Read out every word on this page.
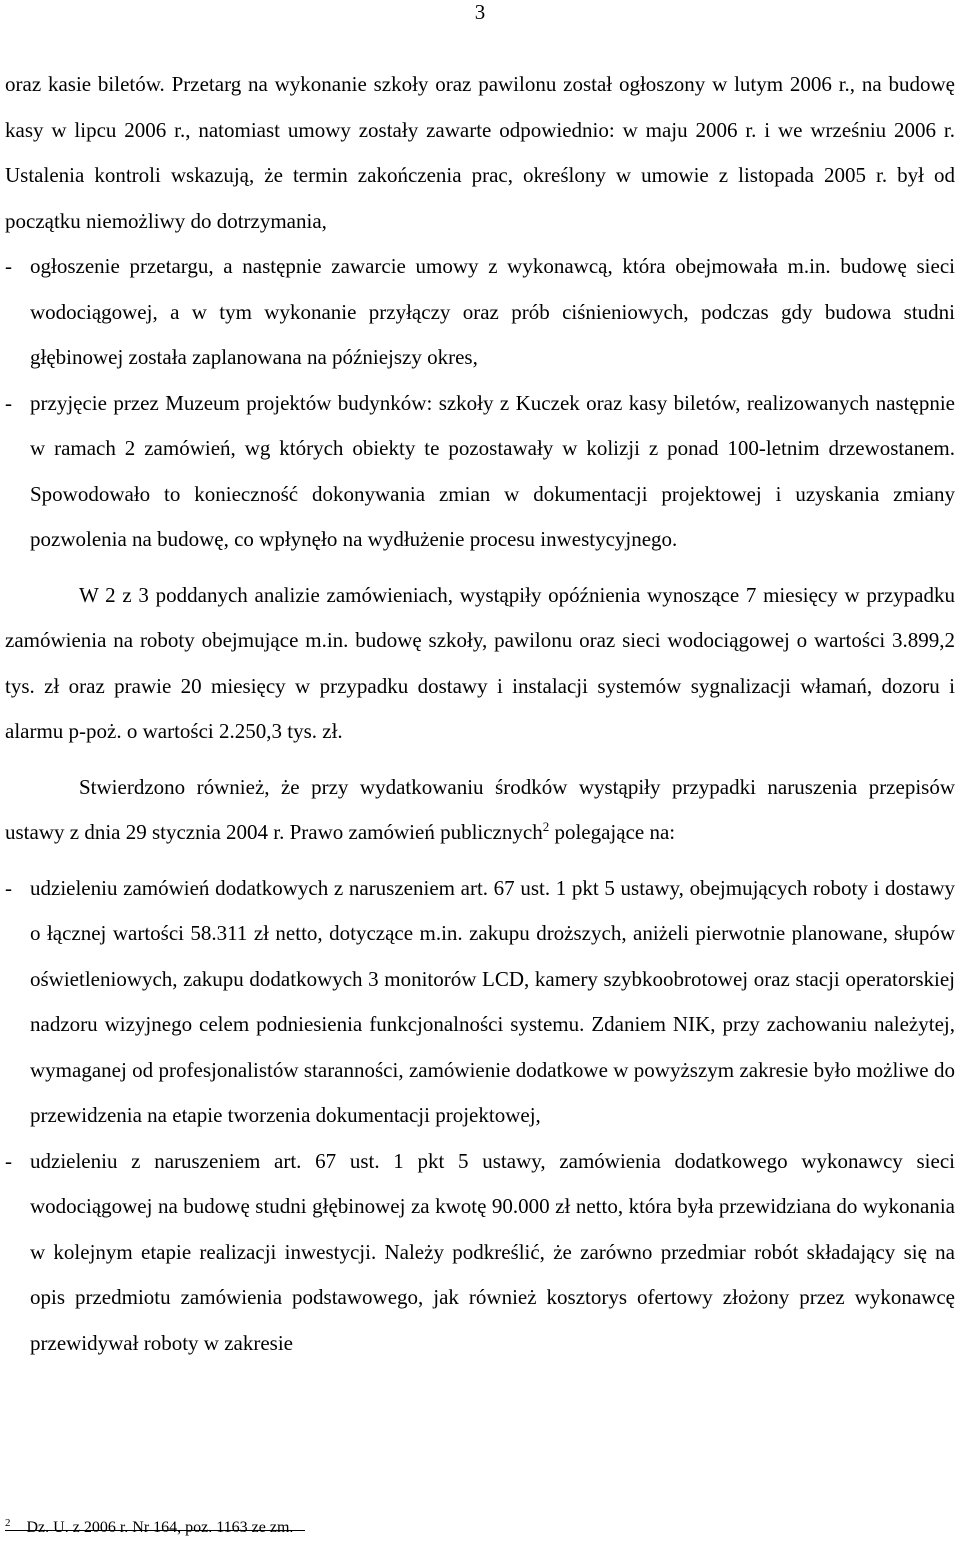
3

oraz kasie biletów. Przetarg na wykonanie szkoły oraz pawilonu został ogłoszony w lutym 2006 r., na budowę kasy w lipcu 2006 r., natomiast umowy zostały zawarte odpowiednio: w maju 2006 r. i we wrześniu 2006 r. Ustalenia kontroli wskazują, że termin zakończenia prac, określony w umowie z listopada 2005 r. był od początku niemożliwy do dotrzymania,

- ogłoszenie przetargu, a następnie zawarcie umowy z wykonawcą, która obejmowała m.in. budowę sieci wodociągowej, a w tym wykonanie przyłączy oraz prób ciśnieniowych, podczas gdy budowa studni głębinowej została zaplanowana na późniejszy okres,
- przyjęcie przez Muzeum projektów budynków: szkoły z Kuczek oraz kasy biletów, realizowanych następnie w ramach 2 zamówień, wg których obiekty te pozostawały w kolizji z ponad 100-letnim drzewostanem. Spowodowało to konieczność dokonywania zmian w dokumentacji projektowej i uzyskania zmiany pozwolenia na budowę, co wpłynęło na wydłużenie procesu inwestycyjnego.

W 2 z 3 poddanych analizie zamówieniach, wystąpiły opóźnienia wynoszące 7 miesięcy w przypadku zamówienia na roboty obejmujące m.in. budowę szkoły, pawilonu oraz sieci wodociągowej o wartości 3.899,2 tys. zł oraz prawie 20 miesięcy w przypadku dostawy i instalacji systemów sygnalizacji włamań, dozoru i alarmu p-poż. o wartości 2.250,3 tys. zł.

Stwierdzono również, że przy wydatkowaniu środków wystąpiły przypadki naruszenia przepisów ustawy z dnia 29 stycznia 2004 r. Prawo zamówień publicznych$^2$ polegające na:

- udzieleniu zamówień dodatkowych z naruszeniem art. 67 ust. 1 pkt 5 ustawy, obejmujących roboty i dostawy o łącznej wartości 58.311 zł netto, dotyczące m.in. zakupu droższych, aniżeli pierwotnie planowane, słupów oświetleniowych, zakupu dodatkowych 3 monitorów LCD, kamery szybkoobrotowej oraz stacji operatorskiej nadzoru wizyjnego celem podniesienia funkcjonalności systemu. Zdaniem NIK, przy zachowaniu należytej, wymaganej od profesjonalistów staranności, zamówienie dodatkowe w powyższym zakresie było możliwe do przewidzenia na etapie tworzenia dokumentacji projektowej,
- udzieleniu z naruszeniem art. 67 ust. 1 pkt 5 ustawy, zamówienia dodatkowego wykonawcy sieci wodociągowej na budowę studni głębinowej za kwotę 90.000 zł netto, która była przewidziana do wykonania w kolejnym etapie realizacji inwestycji. Należy podkreślić, że zarówno przedmiar robót składający się na opis przedmiotu zamówienia podstawowego, jak również kosztorys ofertowy złożony przez wykonawcę przewidywał roboty w zakresie
$^2$ Dz. U. z 2006 r. Nr 164, poz. 1163 ze zm.
